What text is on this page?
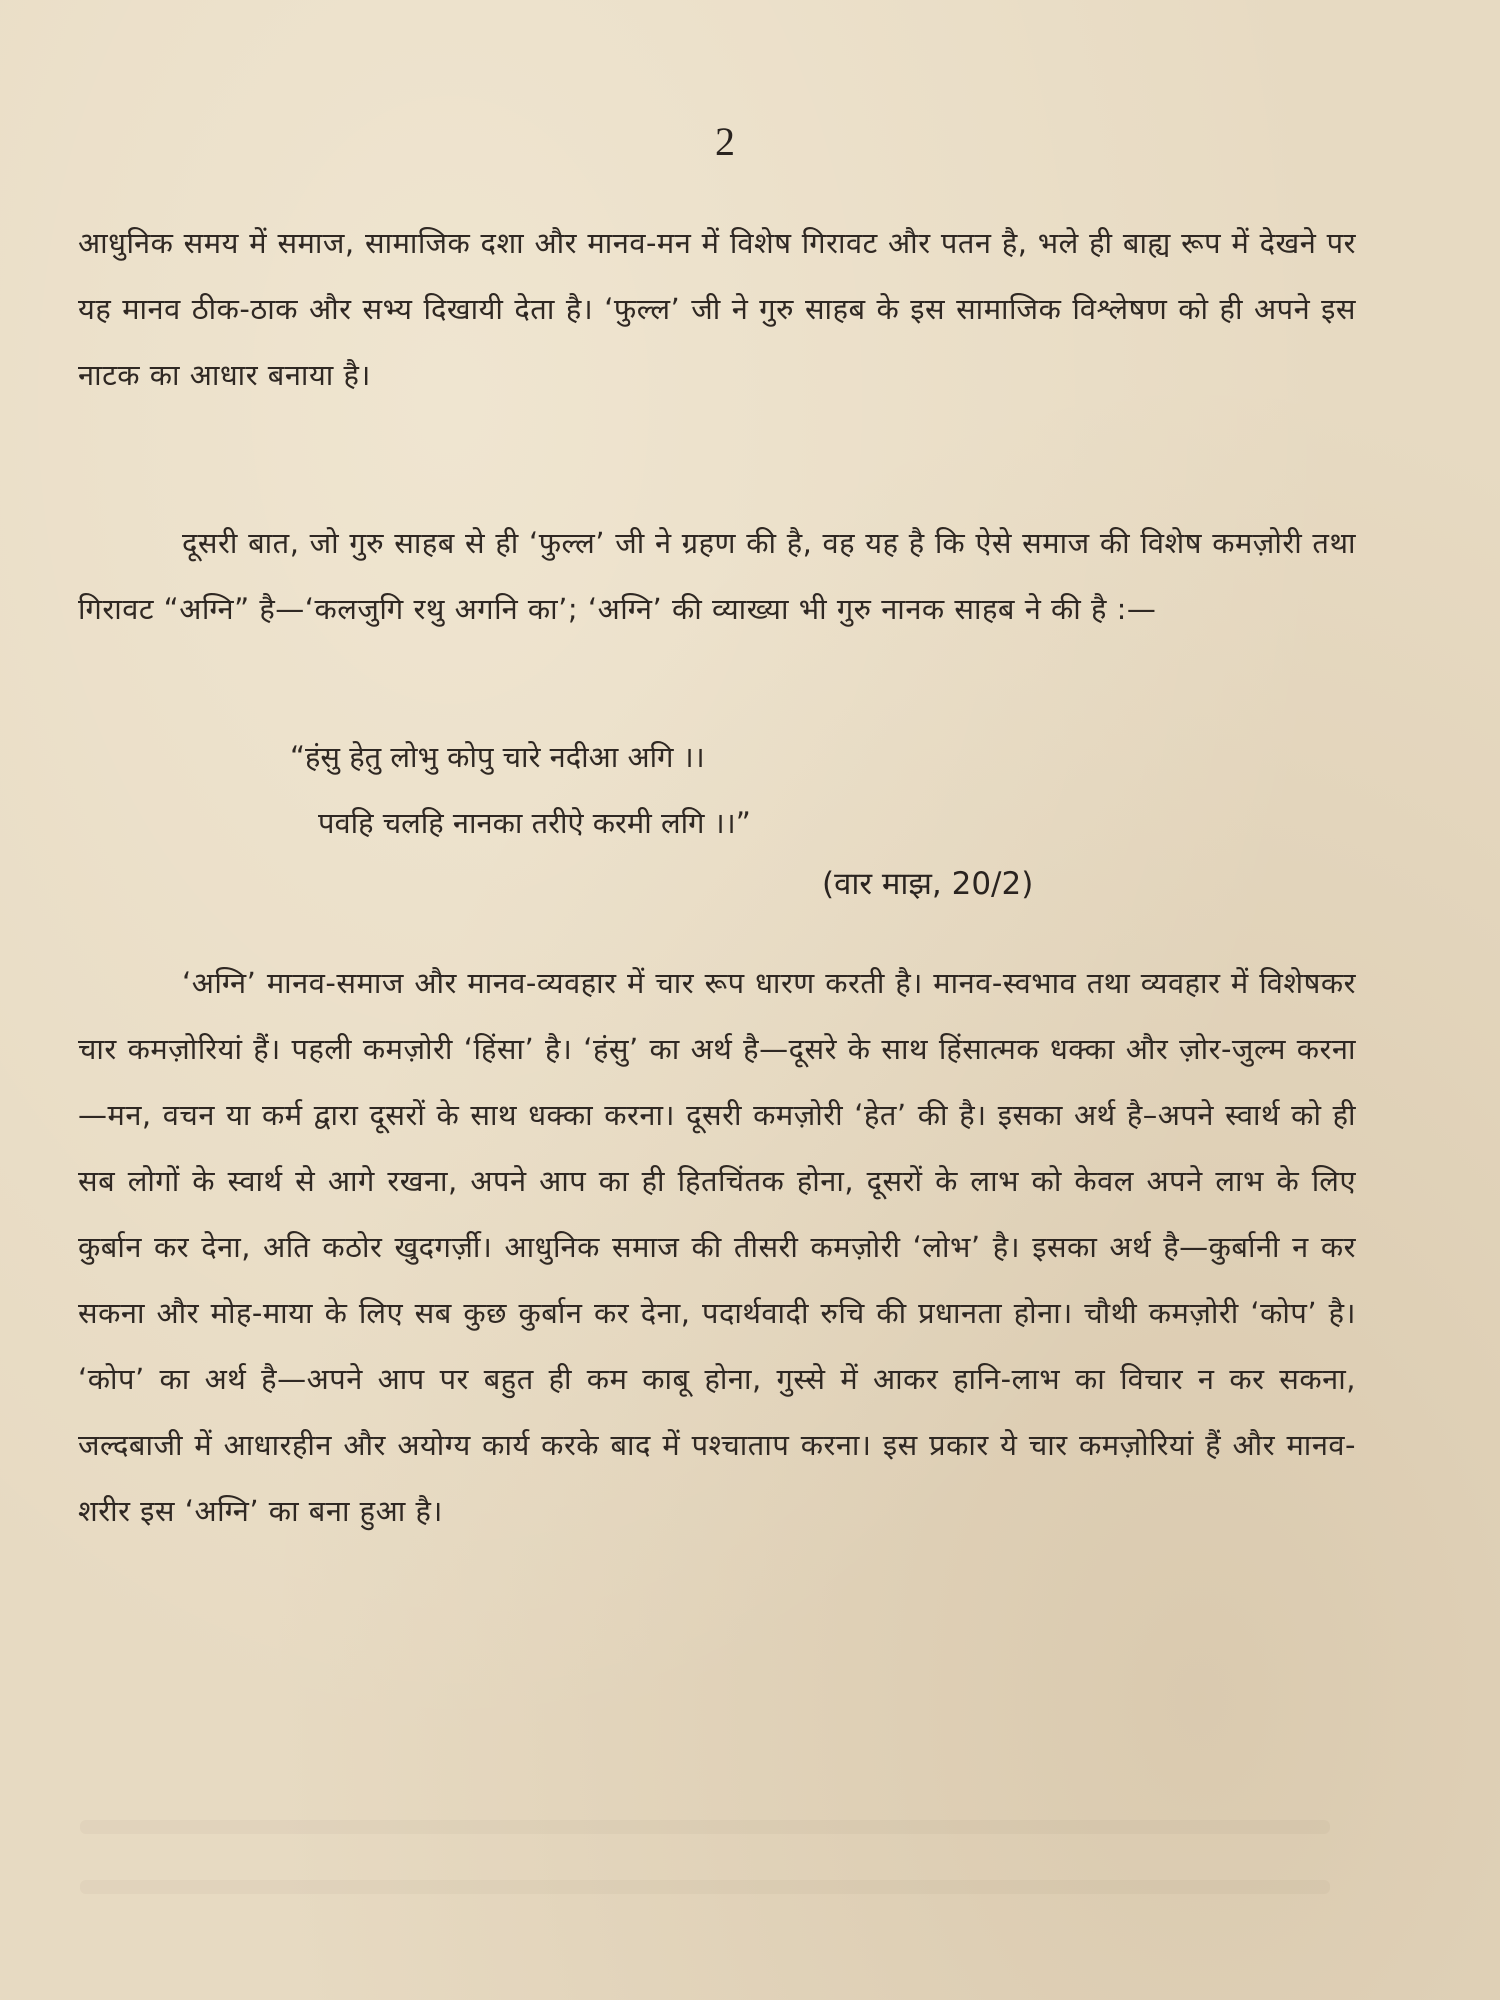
2

आधुनिक समय में समाज, सामाजिक दशा और मानव-मन में विशेष गिरावट और पतन है, भले ही बाह्य रूप में देखने पर यह मानव ठीक-ठाक और सभ्य दिखायी देता है। ‘फुल्ल’ जी ने गुरु साहब के इस सामाजिक विश्लेषण को ही अपने इस नाटक का आधार बनाया है।

दूसरी बात, जो गुरु साहब से ही ‘फुल्ल’ जी ने ग्रहण की है, वह यह है कि ऐसे समाज की विशेष कमज़ोरी तथा गिरावट “अग्नि” है—‘कलजुगि रथु अगनि का’; ‘अग्नि’ की व्याख्या भी गुरु नानक साहब ने की है :—

“हंसु हेतु लोभु कोपु चारे नदीआ अगि ।।
पवहि चलहि नानका तरीऐ करमी लगि ।।”
(वार माझ, 20/2)

‘अग्नि’ मानव-समाज और मानव-व्यवहार में चार रूप धारण करती है। मानव-स्वभाव तथा व्यवहार में विशेषकर चार कमज़ोरियां हैं। पहली कमज़ोरी ‘हिंसा’ है। ‘हंसु’ का अर्थ है—दूसरे के साथ हिंसात्मक धक्का और ज़ोर-जुल्म करना—मन, वचन या कर्म द्वारा दूसरों के साथ धक्का करना। दूसरी कमज़ोरी ‘हेत’ की है। इसका अर्थ है–अपने स्वार्थ को ही सब लोगों के स्वार्थ से आगे रखना, अपने आप का ही हितचिंतक होना, दूसरों के लाभ को केवल अपने लाभ के लिए कुर्बान कर देना, अति कठोर खुदगर्ज़ी। आधुनिक समाज की तीसरी कमज़ोरी ‘लोभ’ है। इसका अर्थ है—कुर्बानी न कर सकना और मोह-माया के लिए सब कुछ कुर्बान कर देना, पदार्थवादी रुचि की प्रधानता होना। चौथी कमज़ोरी ‘कोप’ है। ‘कोप’ का अर्थ है—अपने आप पर बहुत ही कम काबू होना, गुस्से में आकर हानि-लाभ का विचार न कर सकना, जल्दबाजी में आधारहीन और अयोग्य कार्य करके बाद में पश्चाताप करना। इस प्रकार ये चार कमज़ोरियां हैं और मानव-शरीर इस ‘अग्नि’ का बना हुआ है।
